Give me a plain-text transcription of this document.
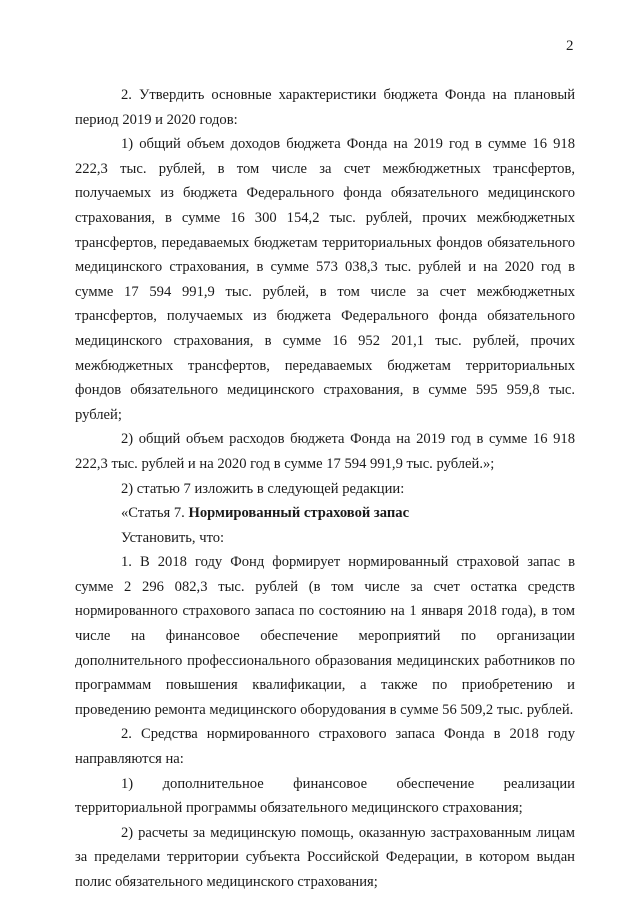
2

2. Утвердить основные характеристики бюджета Фонда на плановый период 2019 и 2020 годов:

1) общий объем доходов бюджета Фонда на 2019 год в сумме 16 918 222,3 тыс. рублей, в том числе за счет межбюджетных трансфертов, получаемых из бюджета Федерального фонда обязательного медицинского страхования, в сумме 16 300 154,2 тыс. рублей, прочих межбюджетных трансфертов, передаваемых бюджетам территориальных фондов обязательного медицинского страхования, в сумме 573 038,3 тыс. рублей и на 2020 год в сумме 17 594 991,9 тыс. рублей, в том числе за счет межбюджетных трансфертов, получаемых из бюджета Федерального фонда обязательного медицинского страхования, в сумме 16 952 201,1 тыс. рублей, прочих межбюджетных трансфертов, передаваемых бюджетам территориальных фондов обязательного медицинского страхования, в сумме 595 959,8 тыс. рублей;

2) общий объем расходов бюджета Фонда на 2019 год в сумме 16 918 222,3 тыс. рублей и на 2020 год в сумме 17 594 991,9 тыс. рублей.»;

2) статью 7 изложить в следующей редакции:

«Статья 7. Нормированный страховой запас

Установить, что:

1. В 2018 году Фонд формирует нормированный страховой запас в сумме 2 296 082,3 тыс. рублей (в том числе за счет остатка средств нормированного страхового запаса по состоянию на 1 января 2018 года), в том числе на финансовое обеспечение мероприятий по организации дополнительного профессионального образования медицинских работников по программам повышения квалификации, а также по приобретению и проведению ремонта медицинского оборудования в сумме 56 509,2 тыс. рублей.

2. Средства нормированного страхового запаса Фонда в 2018 году направляются на:

1) дополнительное финансовое обеспечение реализации территориальной программы обязательного медицинского страхования;

2) расчеты за медицинскую помощь, оказанную застрахованным лицам за пределами территории субъекта Российской Федерации, в котором выдан полис обязательного медицинского страхования;
